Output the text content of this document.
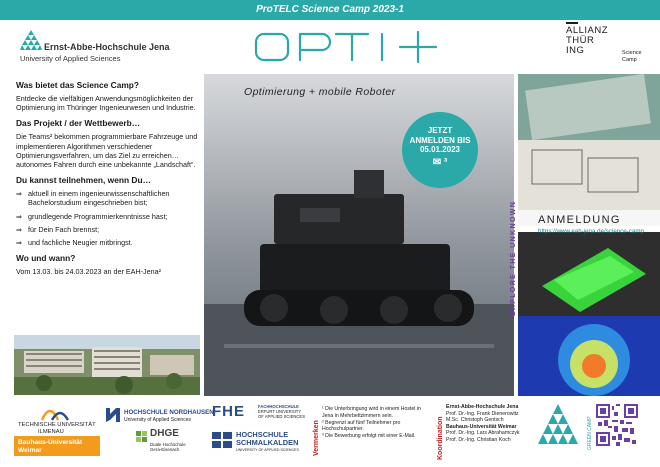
ProTELC Science Camp 2023-1
Ernst-Abbe-Hochschule Jena
University of Applied Sciences
ALLIANZ
THÜR
ING	Science
Camp
Was bietet das Science Camp?

Entdecke die vielfältigen Anwendungsmöglichkeiten der Optimierung im Thüringer Ingenieurwesen und Industrie.

Das Projekt / der Wettbewerb…

Die Teams² bekommen programmierbare Fahrzeuge und implementieren Algorithmen verschiedener Optimierungsverfahren, um das Ziel zu erreichen… autonomes Fahren durch eine unbekannte „Landschaft“.

Du kannst teilnehmen, wenn Du…
⇒ aktuell in einem ingenieurwissenschaftlichen Bachelorstudium eingeschrieben bist;
⇒ grundlegende Programmierkenntnisse hast;
⇒ für Dein Fach brennst;
⇒ und fachliche Neugier mitbringst.
Wo und wann?

Vom 13.03. bis 24.03.2023 an der EAH-Jena²

Optimierung + mobile Roboter
JETZT
ANMELDEN BIS
05.01.2023
✉ ³
EXPLORE THE UNKNOWN ANMELDUNG
https://www.eah-jena.de/science-camp
TECHNISCHE UNIVERSITÄT
ILMENAU
Bauhaus-Universität
Weimar
HOCHSCHULE NORDHAUSEN
University of Applied Sciences
DHGE
Duale Hochschule
Gera-Eisenach
FHE	FACHHOCHSCHULE
ERFURT UNIVERSITY
OF APPLIED SCIENCES
HOCHSCHULE
SCHMALKALDEN
UNIVERSITY OF APPLIED SCIENCES Vermerken
¹ Die Unterbringung wird in einem Hostel in Jena in Mehrbettzimmern sein.
² Begrenzt auf fünf Teilnehmer pro Hochschulpartner.
³ Die Bewerbung erfolgt mit einer E-Mail.	Koordination
Ernst-Abbe-Hochschule Jena
Prof. Dr.-Ing. Frank Dienerowitz
M.Sc. Christoph Gentsch
Bauhaus-Universität Weimar
Prof. Dr.-Ing. Lars Abrahamczyk
Prof. Dr.-Ing. Christian Koch	GREEN CAMP
